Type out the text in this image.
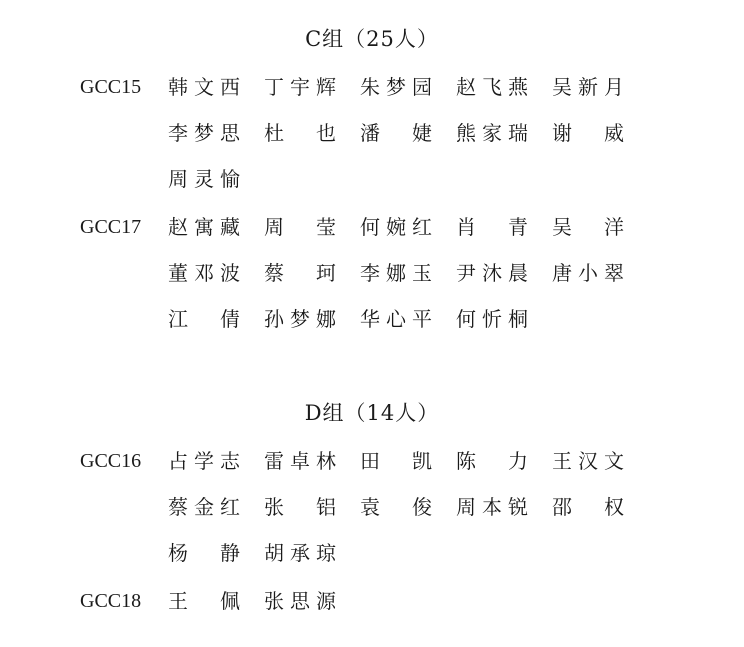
C组（25人）
GCC15 韩 文 西 丁 宇 辉 朱 梦 园 赵 飞 燕 吴 新 月
李 梦 思 杜 也 潘 婕 熊 家 瑞 谢 威
周 灵 愉
GCC17 赵 寓 藏 周 莹 何 婉 红 肖 青 吴 洋
董 邓 波 蔡 珂 李 娜 玉 尹 沐 晨 唐 小 翠
江 倩 孙 梦 娜 华 心 平 何 忻 桐
D组（14人）
GCC16 占 学 志 雷 卓 林 田 凯 陈 力 王 汉 文
蔡 金 红 张 铝 袁 俊 周 本 锐 邵 权
杨 静 胡 承 琼
GCC18 王 佩 张 思 源
